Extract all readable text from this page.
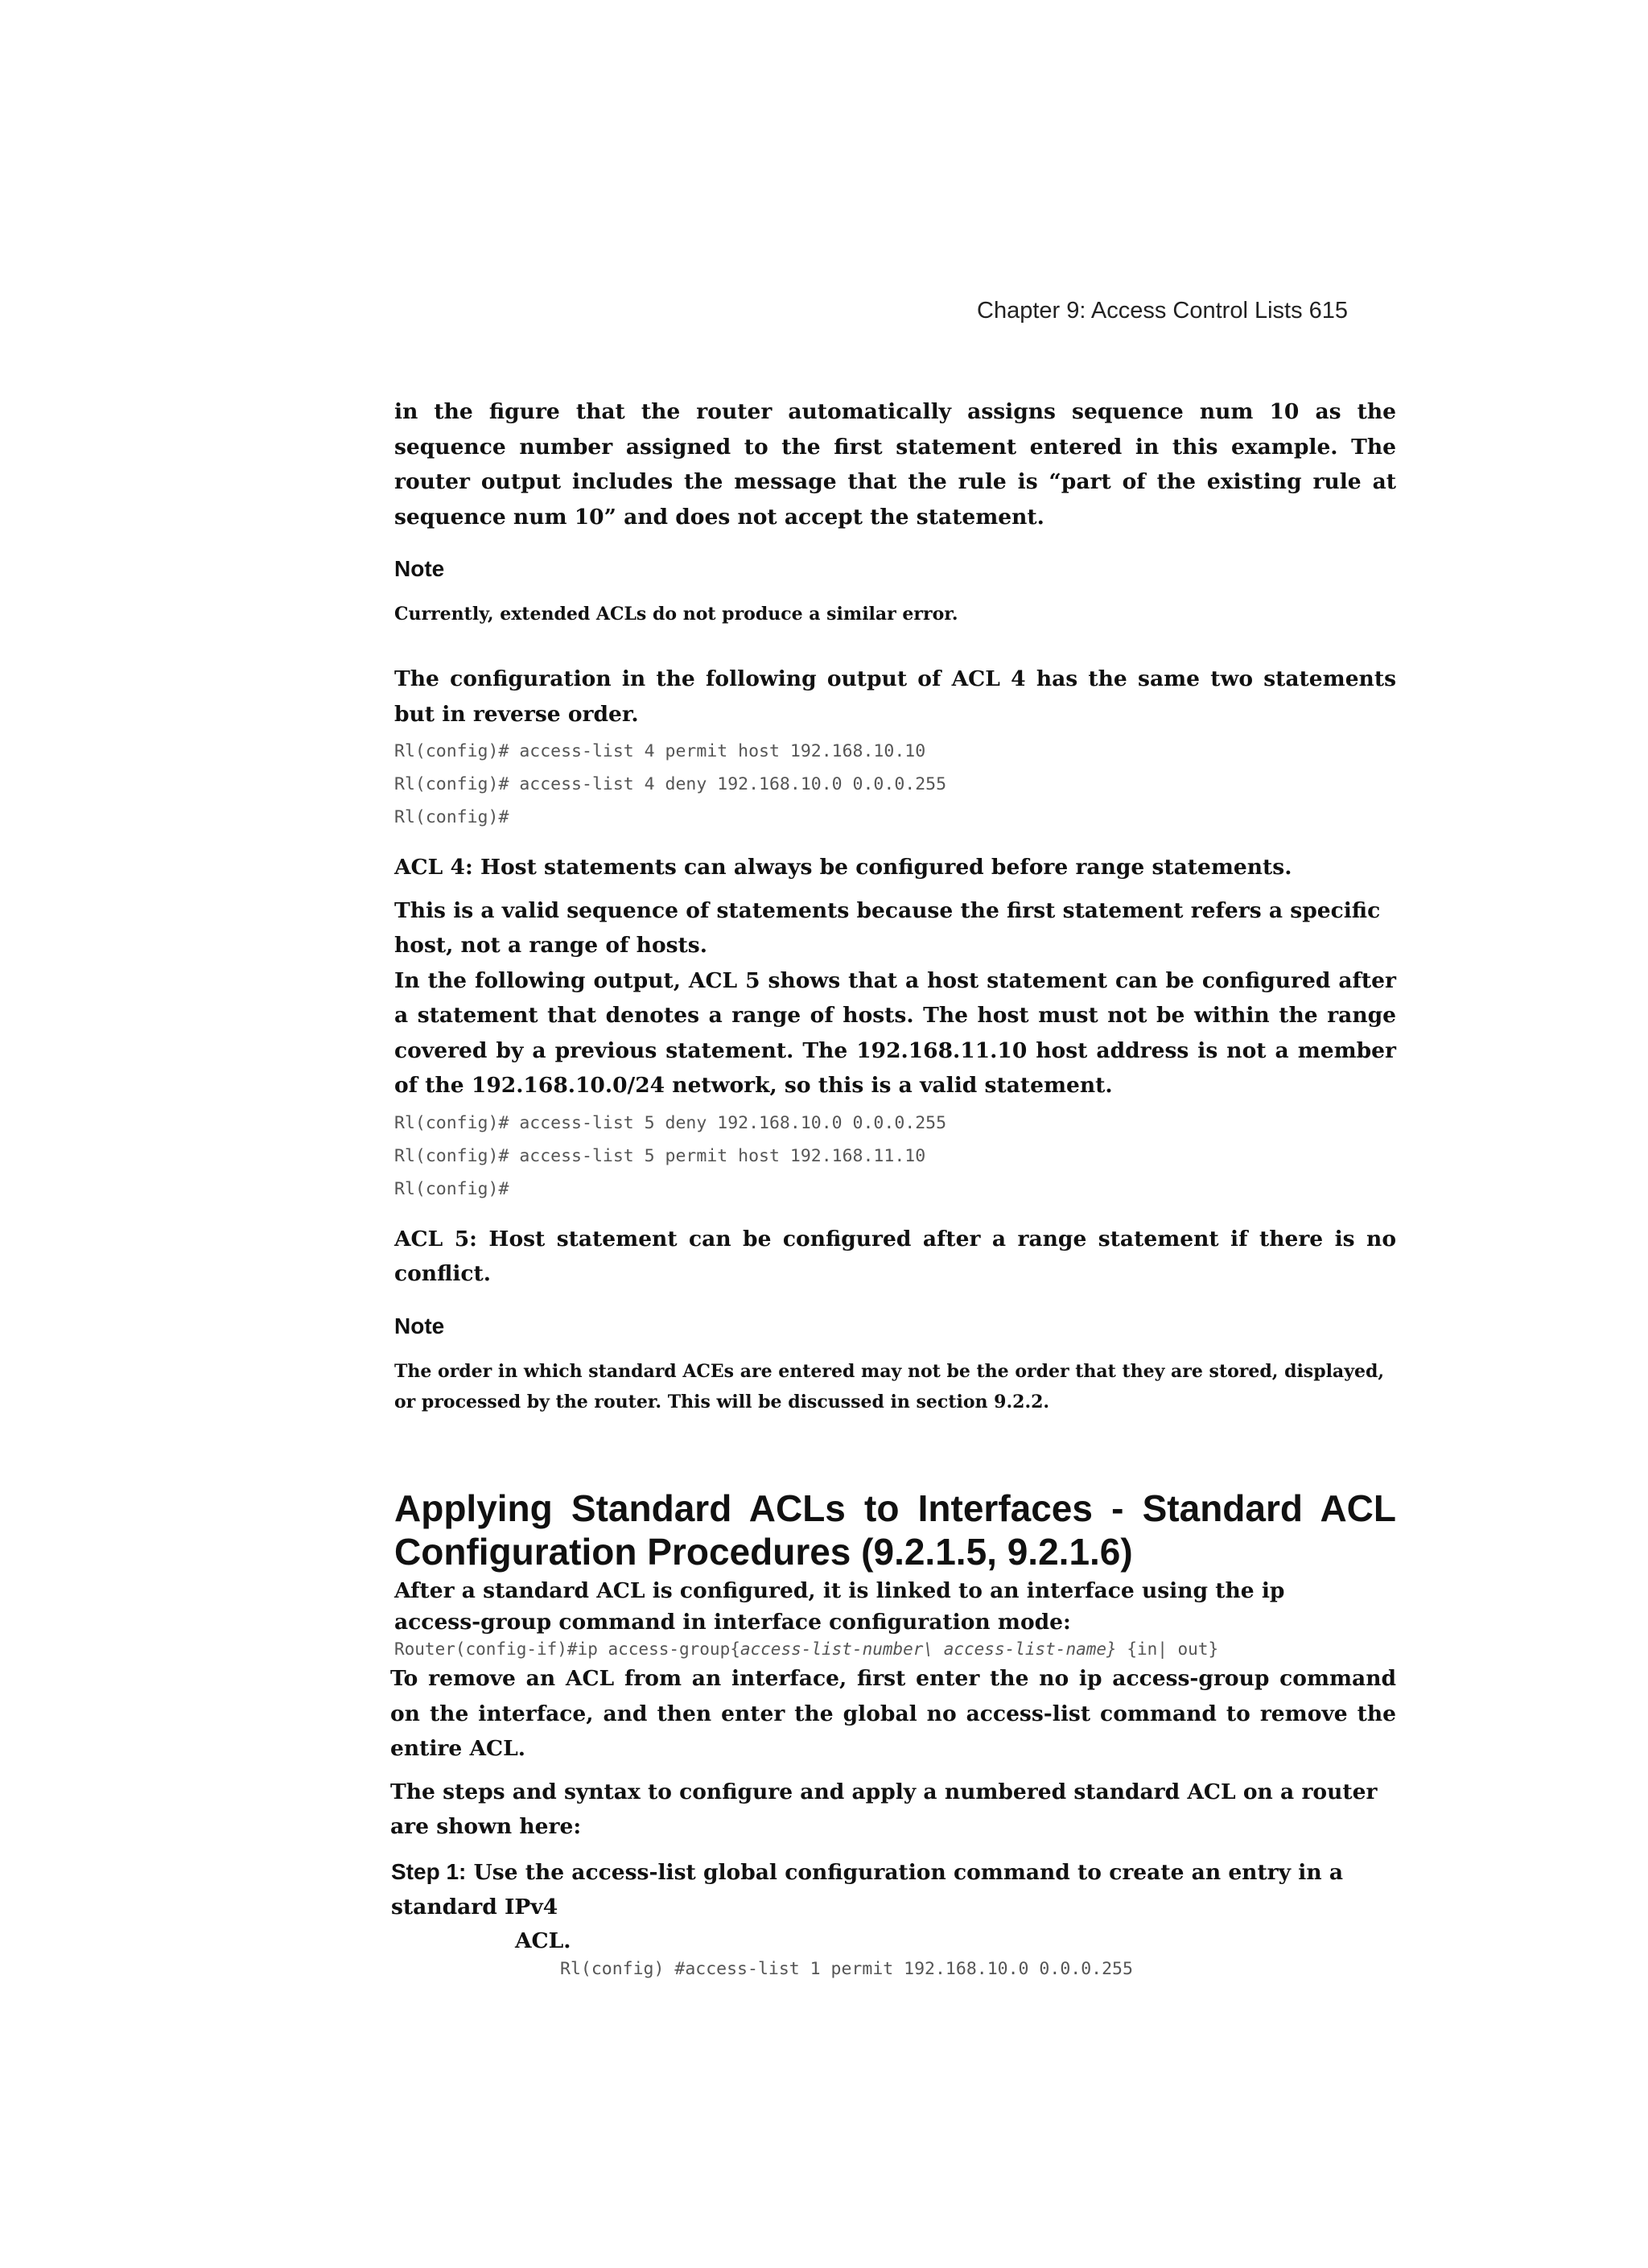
Chapter 9: Access Control Lists 615

in the figure that the router automatically assigns sequence num 10 as the sequence number assigned to the first statement entered in this example. The router output includes the message that the rule is “part of the existing rule at sequence num 10” and does not accept the statement.

Note

Currently, extended ACLs do not produce a similar error.

The configuration in the following output of ACL 4 has the same two statements but in reverse order.

Rl(config)# access-list 4 permit host 192.168.10.10
Rl(config)# access-list 4 deny 192.168.10.0 0.0.0.255
Rl(config)#

ACL 4: Host statements can always be configured before range statements.

This is a valid sequence of statements because the first statement refers a specific host, not a range of hosts.

In the following output, ACL 5 shows that a host statement can be configured after a statement that denotes a range of hosts. The host must not be within the range covered by a previous statement. The 192.168.11.10 host address is not a member of the 192.168.10.0/24 network, so this is a valid statement.

Rl(config)# access-list 5 deny 192.168.10.0 0.0.0.255
Rl(config)# access-list 5 permit host 192.168.11.10
Rl(config)#

ACL 5: Host statement can be configured after a range statement if there is no conflict.

Note

The order in which standard ACEs are entered may not be the order that they are stored, displayed, or processed by the router. This will be discussed in section 9.2.2.

Applying Standard ACLs to Interfaces - Standard ACL Configuration Procedures (9.2.1.5, 9.2.1.6)

After a standard ACL is configured, it is linked to an interface using the ip

access-group command in interface configuration mode:

Router(config-if)#ip access-group{access-list-number\ access-list-name} {in| out}

To remove an ACL from an interface, first enter the no ip access-group command on the interface, and then enter the global no access-list command to remove the entire ACL.

The steps and syntax to configure and apply a numbered standard ACL on a router are shown here:

Step 1: Use the access-list global configuration command to create an entry in a standard IPv4

ACL.

Rl(config) #access-list 1 permit 192.168.10.0 0.0.0.255
